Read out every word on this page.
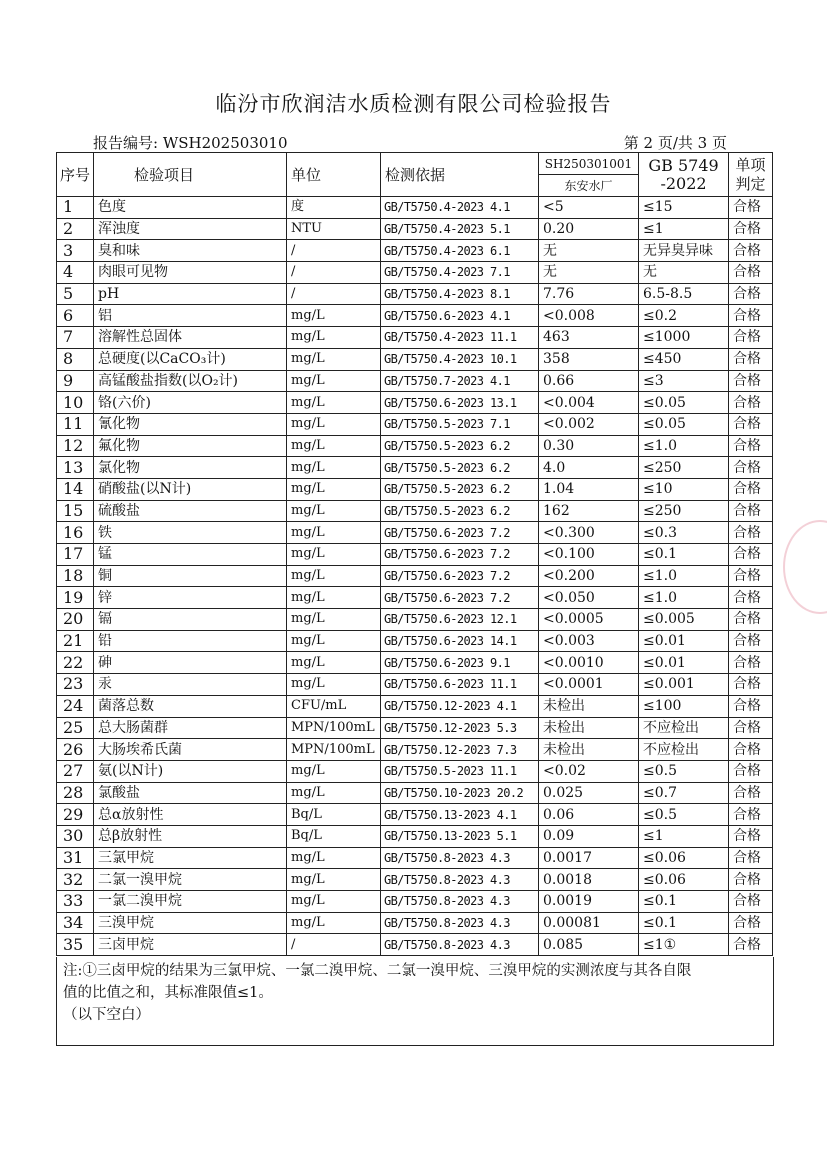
临汾市欣润洁水质检测有限公司检验报告
报告编号: WSH202503010	第 2 页/共 3 页
序号	检验项目	单位	检测依据	SH250301001	GB 5749 -2022	单项判定
				东安水厂		
1	色度	度	GB/T5750.4-2023 4.1	<5	≤15	合格
2	浑浊度	NTU	GB/T5750.4-2023 5.1	0.20	≤1	合格
3	臭和味	/	GB/T5750.4-2023 6.1	无	无异臭异味	合格
4	肉眼可见物	/	GB/T5750.4-2023 7.1	无	无	合格
5	pH	/	GB/T5750.4-2023 8.1	7.76	6.5-8.5	合格
6	铝	mg/L	GB/T5750.6-2023 4.1	<0.008	≤0.2	合格
7	溶解性总固体	mg/L	GB/T5750.4-2023 11.1	463	≤1000	合格
8	总硬度(以CaCO₃计)	mg/L	GB/T5750.4-2023 10.1	358	≤450	合格
9	高锰酸盐指数(以O₂计)	mg/L	GB/T5750.7-2023 4.1	0.66	≤3	合格
10	铬(六价)	mg/L	GB/T5750.6-2023 13.1	<0.004	≤0.05	合格
11	氰化物	mg/L	GB/T5750.5-2023 7.1	<0.002	≤0.05	合格
12	氟化物	mg/L	GB/T5750.5-2023 6.2	0.30	≤1.0	合格
13	氯化物	mg/L	GB/T5750.5-2023 6.2	4.0	≤250	合格
14	硝酸盐(以N计)	mg/L	GB/T5750.5-2023 6.2	1.04	≤10	合格
15	硫酸盐	mg/L	GB/T5750.5-2023 6.2	162	≤250	合格
16	铁	mg/L	GB/T5750.6-2023 7.2	<0.300	≤0.3	合格
17	锰	mg/L	GB/T5750.6-2023 7.2	<0.100	≤0.1	合格
18	铜	mg/L	GB/T5750.6-2023 7.2	<0.200	≤1.0	合格
19	锌	mg/L	GB/T5750.6-2023 7.2	<0.050	≤1.0	合格
20	镉	mg/L	GB/T5750.6-2023 12.1	<0.0005	≤0.005	合格
21	铅	mg/L	GB/T5750.6-2023 14.1	<0.003	≤0.01	合格
22	砷	mg/L	GB/T5750.6-2023 9.1	<0.0010	≤0.01	合格
23	汞	mg/L	GB/T5750.6-2023 11.1	<0.0001	≤0.001	合格
24	菌落总数	CFU/mL	GB/T5750.12-2023 4.1	未检出	≤100	合格
25	总大肠菌群	MPN/100mL	GB/T5750.12-2023 5.3	未检出	不应检出	合格
26	大肠埃希氏菌	MPN/100mL	GB/T5750.12-2023 7.3	未检出	不应检出	合格
27	氨(以N计)	mg/L	GB/T5750.5-2023 11.1	<0.02	≤0.5	合格
28	氯酸盐	mg/L	GB/T5750.10-2023 20.2	0.025	≤0.7	合格
29	总α放射性	Bq/L	GB/T5750.13-2023 4.1	0.06	≤0.5	合格
30	总β放射性	Bq/L	GB/T5750.13-2023 5.1	0.09	≤1	合格
31	三氯甲烷	mg/L	GB/T5750.8-2023 4.3	0.0017	≤0.06	合格
32	二氯一溴甲烷	mg/L	GB/T5750.8-2023 4.3	0.0018	≤0.06	合格
33	一氯二溴甲烷	mg/L	GB/T5750.8-2023 4.3	0.0019	≤0.1	合格
34	三溴甲烷	mg/L	GB/T5750.8-2023 4.3	0.00081	≤0.1	合格
35	三卤甲烷	/	GB/T5750.8-2023 4.3	0.085	≤1①	合格
注:①三卤甲烷的结果为三氯甲烷、一氯二溴甲烷、二氯一溴甲烷、三溴甲烷的实测浓度与其各自限
值的比值之和，其标准限值≤1。
（以下空白）
